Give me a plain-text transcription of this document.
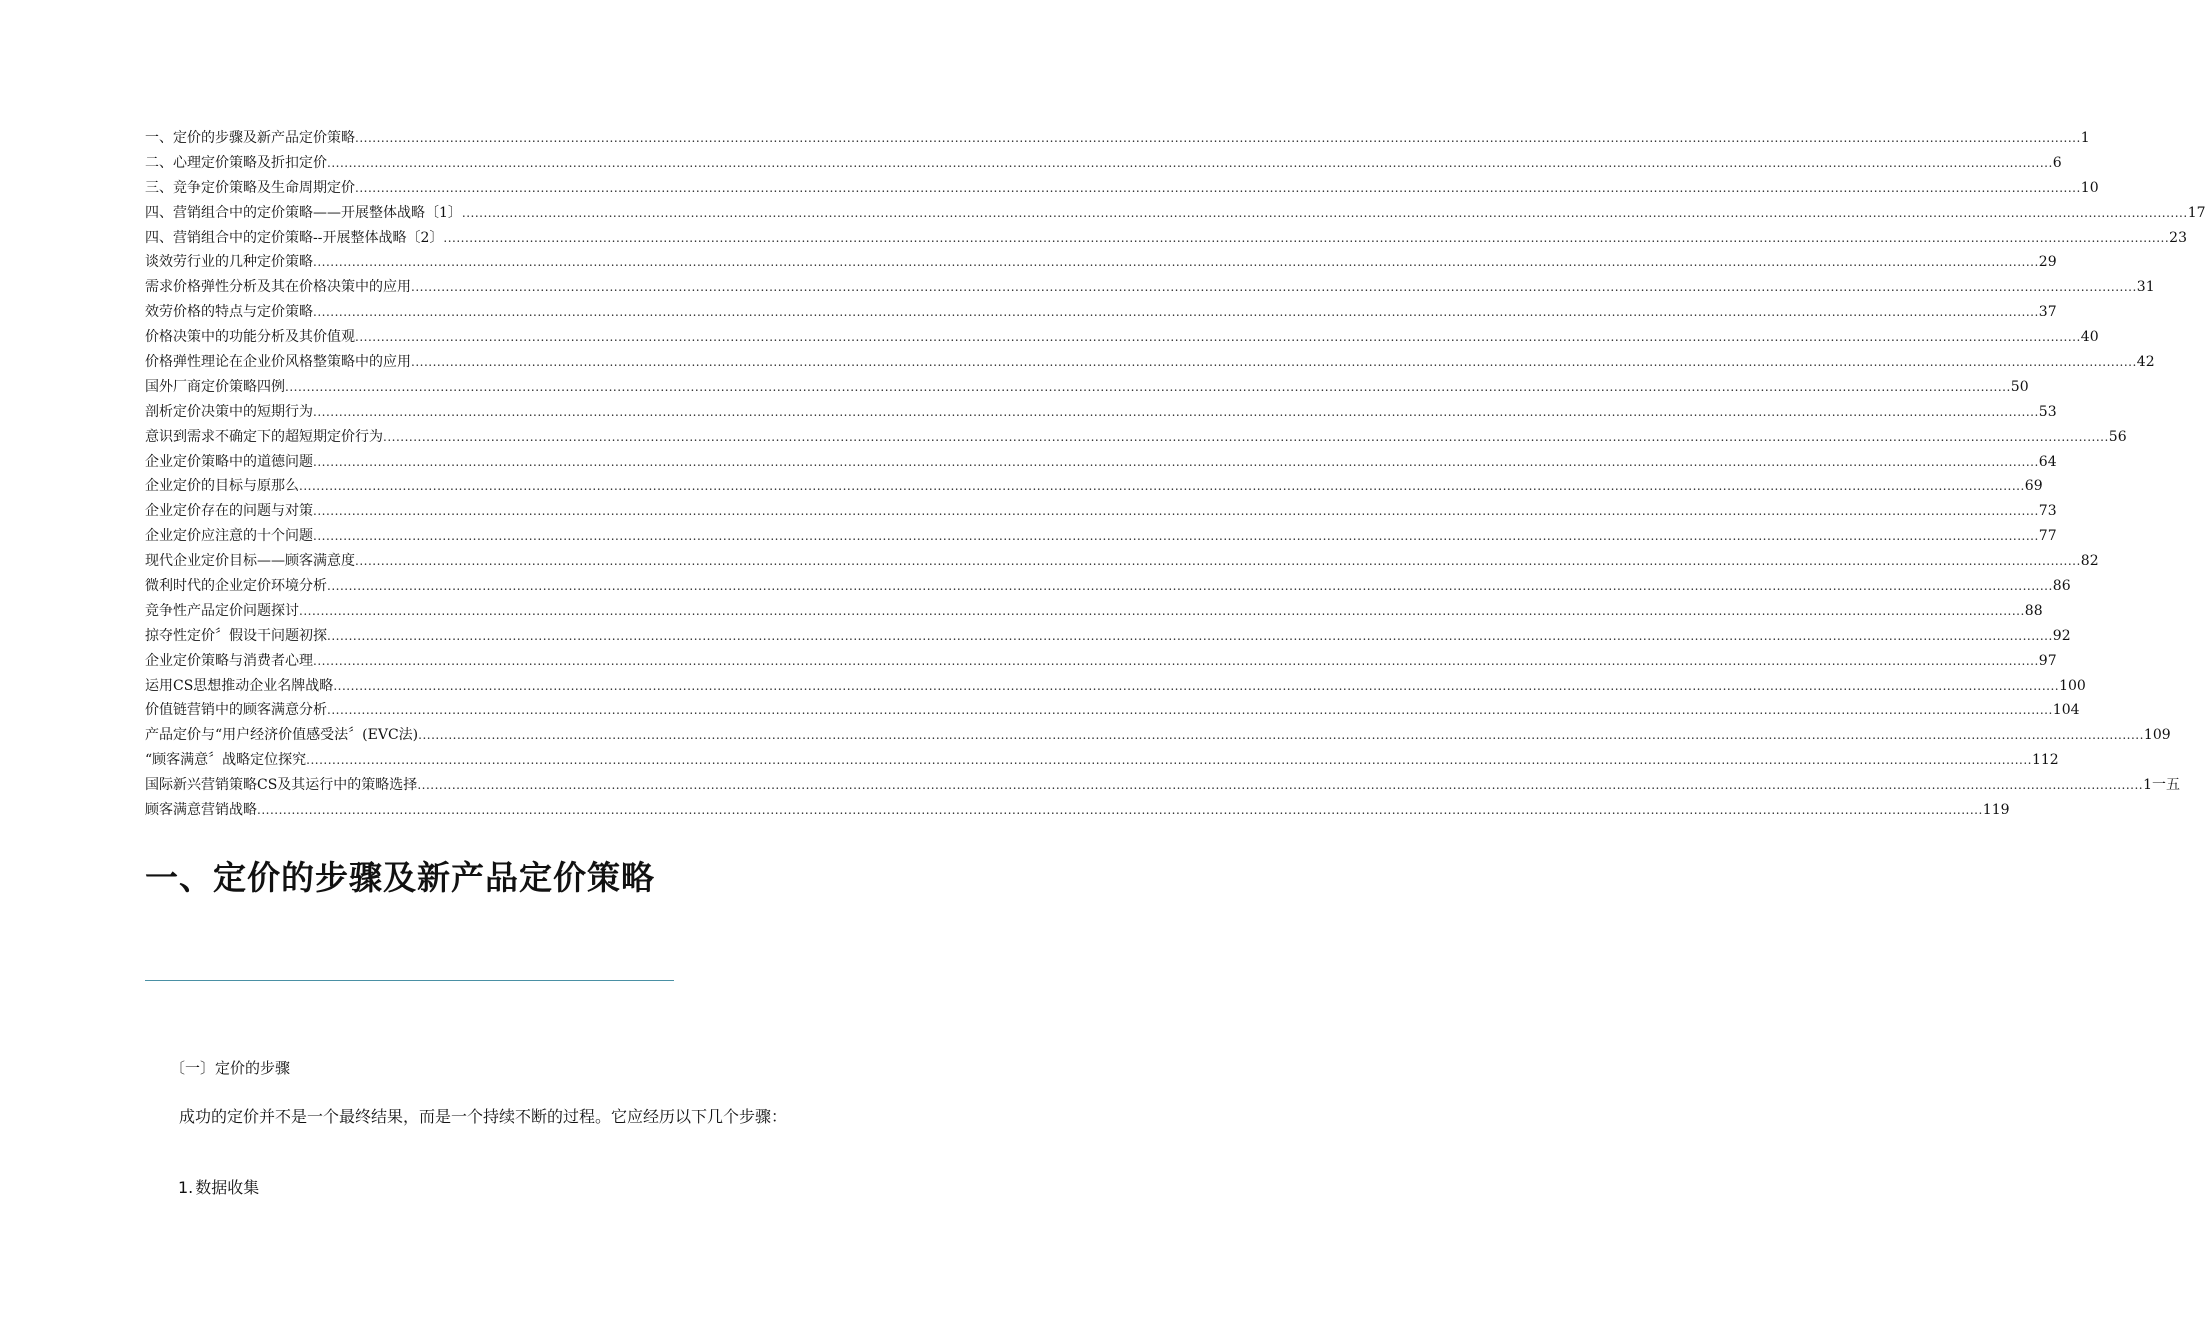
一、定价的步骤及新产品定价策略 ................................................................................................................................................................................................................................................................................................................................................................................................................ 1
二、心理定价策略及折扣定价 ................................................................................................................................................................................................................................................................................................................................................................................................................ 6
三、竞争定价策略及生命周期定价 ................................................................................................................................................................................................................................................................................................................................................................................................................ 10
四、营销组合中的定价策略——开展整体战略〔1〕 ................................................................................................................................................................................................................................................................................................................................................................................................................ 17
四、营销组合中的定价策略--开展整体战略〔2〕 ................................................................................................................................................................................................................................................................................................................................................................................................................ 23
谈效劳行业的几种定价策略 ................................................................................................................................................................................................................................................................................................................................................................................................................ 29
需求价格弹性分析及其在价格决策中的应用 ................................................................................................................................................................................................................................................................................................................................................................................................................ 31
效劳价格的特点与定价策略 ................................................................................................................................................................................................................................................................................................................................................................................................................ 37
价格决策中的功能分析及其价值观 ................................................................................................................................................................................................................................................................................................................................................................................................................ 40
价格弹性理论在企业价风格整策略中的应用 ................................................................................................................................................................................................................................................................................................................................................................................................................ 42
国外厂商定价策略四例 ................................................................................................................................................................................................................................................................................................................................................................................................................ 50
剖析定价决策中的短期行为 ................................................................................................................................................................................................................................................................................................................................................................................................................ 53
意识到需求不确定下的超短期定价行为 ................................................................................................................................................................................................................................................................................................................................................................................................................ 56
企业定价策略中的道德问题 ................................................................................................................................................................................................................................................................................................................................................................................................................ 64
企业定价的目标与原那么 ................................................................................................................................................................................................................................................................................................................................................................................................................ 69
企业定价存在的问题与对策 ................................................................................................................................................................................................................................................................................................................................................................................................................ 73
企业定价应注意的十个问题 ................................................................................................................................................................................................................................................................................................................................................................................................................ 77
现代企业定价目标——顾客满意度 ................................................................................................................................................................................................................................................................................................................................................................................................................ 82
微利时代的企业定价环境分析 ................................................................................................................................................................................................................................................................................................................................................................................................................ 86
竞争性产品定价问题探讨 ................................................................................................................................................................................................................................................................................................................................................................................................................ 88
掠夺性定价〞假设干问题初探 ................................................................................................................................................................................................................................................................................................................................................................................................................ 92
企业定价策略与消费者心理 ................................................................................................................................................................................................................................................................................................................................................................................................................ 97
运用CS思想推动企业名牌战略 ................................................................................................................................................................................................................................................................................................................................................................................................................ 100
价值链营销中的顾客满意分析 ................................................................................................................................................................................................................................................................................................................................................................................................................ 104
产品定价与“用户经济价值感受法〞(EVC法) ................................................................................................................................................................................................................................................................................................................................................................................................................ 109
“顾客满意〞战略定位探究 ................................................................................................................................................................................................................................................................................................................................................................................................................ 112
国际新兴营销策略CS及其运行中的策略选择 ................................................................................................................................................................................................................................................................................................................................................................................................................ 1一五
顾客满意营销战略 ................................................................................................................................................................................................................................................................................................................................................................................................................ 119
一、定价的步骤及新产品定价策略
〔一〕定价的步骤

成功的定价并不是一个最终结果，而是一个持续不断的过程。它应经历以下几个步骤：

1. 数据收集
